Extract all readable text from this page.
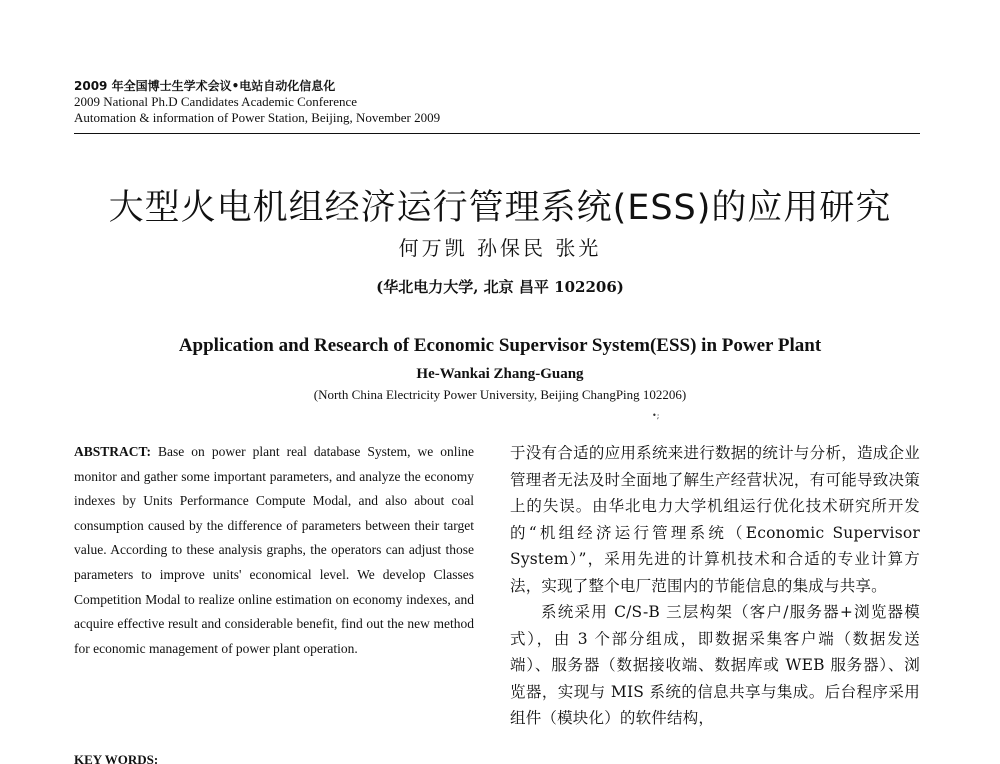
2009 年全国博士生学术会议•电站自动化信息化
2009 National Ph.D Candidates Academic Conference
Automation & information of Power Station, Beijing, November 2009
大型火电机组经济运行管理系统(ESS)的应用研究
何万凯 孙保民 张光
(华北电力大学, 北京 昌平 102206)
Application and Research of Economic Supervisor System(ESS) in Power Plant
He-Wankai Zhang-Guang
(North China Electricity Power University, Beijing ChangPing 102206)
•;
ABSTRACT: Base on power plant real database System, we online monitor and gather some important parameters, and analyze the economy indexes by Units Performance Compute Modal, and also about coal consumption caused by the difference of parameters between their target value. According to these analysis graphs, the operators can adjust those parameters to improve units' economical level. We develop Classes Competition Modal to realize online estimation on economy indexes, and acquire effective result and considerable benefit, find out the new method for economic management of power plant operation.
KEY WORDS:

于没有合适的应用系统来进行数据的统计与分析，造成企业管理者无法及时全面地了解生产经营状况，有可能导致决策上的失误。由华北电力大学机组运行优化技术研究所开发的“机组经济运行管理系统（Economic Supervisor System）”，采用先进的计算机技术和合适的专业计算方法，实现了整个电厂范围内的节能信息的集成与共享。

系统采用 C/S-B 三层构架（客户/服务器+浏览器模式），由 3 个部分组成，即数据采集客户端（数据发送端）、服务器（数据接收端、数据库或 WEB 服务器）、浏览器，实现与 MIS 系统的信息共享与集成。后台程序采用组件（模块化）的软件结构，
